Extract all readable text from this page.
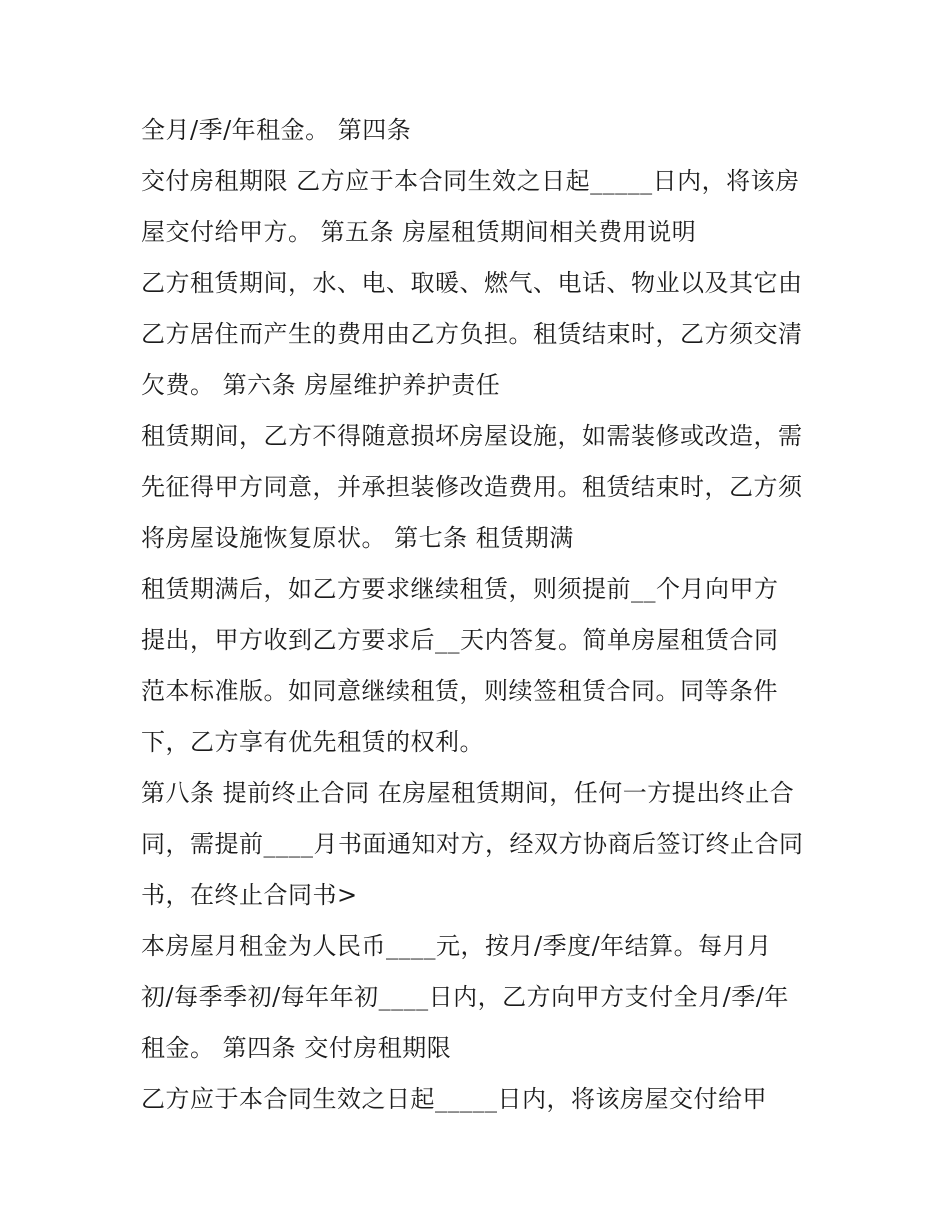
全月/季/年租金。 第四条
交付房租期限 乙方应于本合同生效之日起_____日内，将该房
屋交付给甲方。 第五条 房屋租赁期间相关费用说明
乙方租赁期间，水、电、取暖、燃气、电话、物业以及其它由
乙方居住而产生的费用由乙方负担。租赁结束时，乙方须交清
欠费。 第六条 房屋维护养护责任
租赁期间，乙方不得随意损坏房屋设施，如需装修或改造，需
先征得甲方同意，并承担装修改造费用。租赁结束时，乙方须
将房屋设施恢复原状。 第七条 租赁期满
租赁期满后，如乙方要求继续租赁，则须提前__个月向甲方
提出，甲方收到乙方要求后__天内答复。简单房屋租赁合同
范本标准版。如同意继续租赁，则续签租赁合同。同等条件
下，乙方享有优先租赁的权利。
第八条 提前终止合同 在房屋租赁期间，任何一方提出终止合
同，需提前____月书面通知对方，经双方协商后签订终止合同
书，在终止合同书>
本房屋月租金为人民币____元，按月/季度/年结算。每月月
初/每季季初/每年年初____日内，乙方向甲方支付全月/季/年
租金。 第四条 交付房租期限
乙方应于本合同生效之日起_____日内，将该房屋交付给甲
